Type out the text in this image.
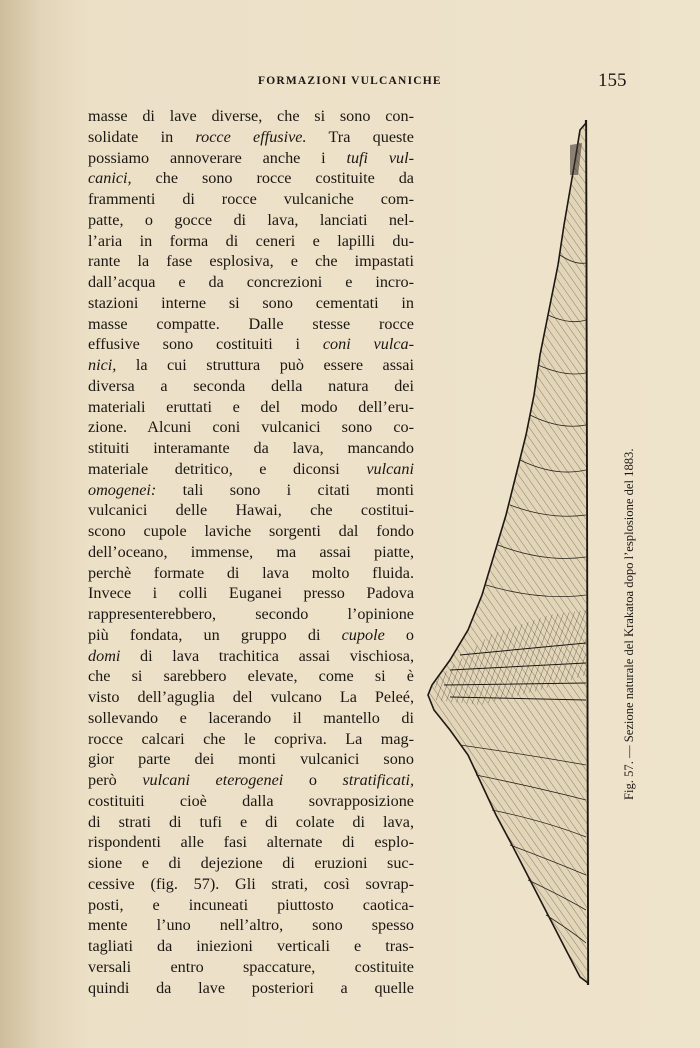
FORMAZIONI VULCANICHE	155
masse di lave diverse, che si sono con-
solidate in rocce effusive. Tra queste
possiamo annoverare anche i tufi vul-
canici, che sono rocce costituite da
frammenti di rocce vulcaniche com-
patte, o gocce di lava, lanciati nel-
l’aria in forma di ceneri e lapilli du-
rante la fase esplosiva, e che impastati
dall’acqua e da concrezioni e incro-
stazioni interne si sono cementati in
masse compatte. Dalle stesse rocce
effusive sono costituiti i coni vulca-
nici, la cui struttura può essere assai
diversa a seconda della natura dei
materiali eruttati e del modo dell’eru-
zione. Alcuni coni vulcanici sono co-
stituiti interamante da lava, mancando
materiale detritico, e diconsi vulcani
omogenei: tali sono i citati monti
vulcanici delle Hawai, che costitui-
scono cupole laviche sorgenti dal fondo
dell’oceano, immense, ma assai piatte,
perchè formate di lava molto fluida.
Invece i colli Euganei presso Padova
rappresenterebbero, secondo l’opinione
più fondata, un gruppo di cupole o
domi di lava trachitica assai vischiosa,
che si sarebbero elevate, come si è
visto dell’aguglia del vulcano La Peleé,
sollevando e lacerando il mantello di
rocce calcari che le copriva. La mag-
gior parte dei monti vulcanici sono
però vulcani eterogenei o stratificati,
costituiti cioè dalla sovrapposizione
di strati di tufi e di colate di lava,
rispondenti alle fasi alternate di esplo-
sione e di dejezione di eruzioni suc-
cessive (fig. 57). Gli strati, così sovrap-
posti, e incuneati piuttosto caotica-
mente l’uno nell’altro, sono spesso
tagliati da iniezioni verticali e tras-
versali entro spaccature, costituite
quindi da lave posteriori a quelle
Fig. 57. — Sezione naturale del Krakatoa dopo l’esplosione del 1883.
